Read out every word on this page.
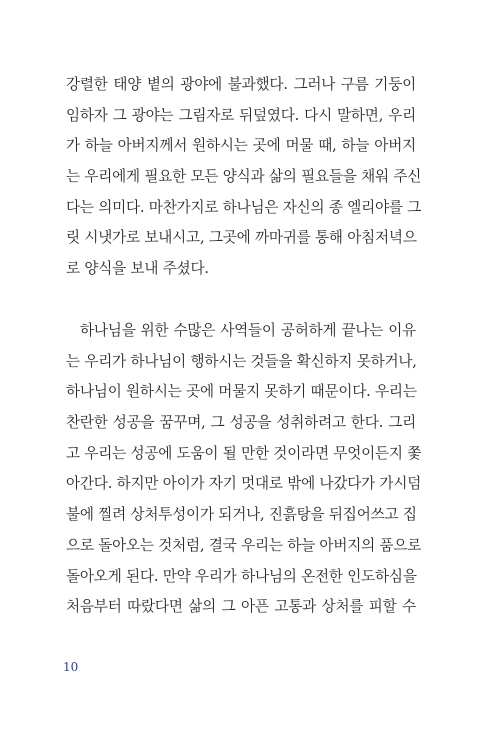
강렬한 태양 볕의 광야에 불과했다. 그러나 구름 기둥이
임하자 그 광야는 그림자로 뒤덮였다. 다시 말하면, 우리
가 하늘 아버지께서 원하시는 곳에 머물 때, 하늘 아버지
는 우리에게 필요한 모든 양식과 삶의 필요들을 채워 주신
다는 의미다. 마찬가지로 하나님은 자신의 종 엘리야를 그
릿 시냇가로 보내시고, 그곳에 까마귀를 통해 아침저녁으
로 양식을 보내 주셨다.
하나님을 위한 수많은 사역들이 공허하게 끝나는 이유
는 우리가 하나님이 행하시는 것들을 확신하지 못하거나,
하나님이 원하시는 곳에 머물지 못하기 때문이다. 우리는
찬란한 성공을 꿈꾸며, 그 성공을 성취하려고 한다. 그리
고 우리는 성공에 도움이 될 만한 것이라면 무엇이든지 쫓
아간다. 하지만 아이가 자기 멋대로 밖에 나갔다가 가시덤
불에 찔려 상처투성이가 되거나, 진흙탕을 뒤집어쓰고 집
으로 돌아오는 것처럼, 결국 우리는 하늘 아버지의 품으로
돌아오게 된다. 만약 우리가 하나님의 온전한 인도하심을
처음부터 따랐다면 삶의 그 아픈 고통과 상처를 피할 수
10
